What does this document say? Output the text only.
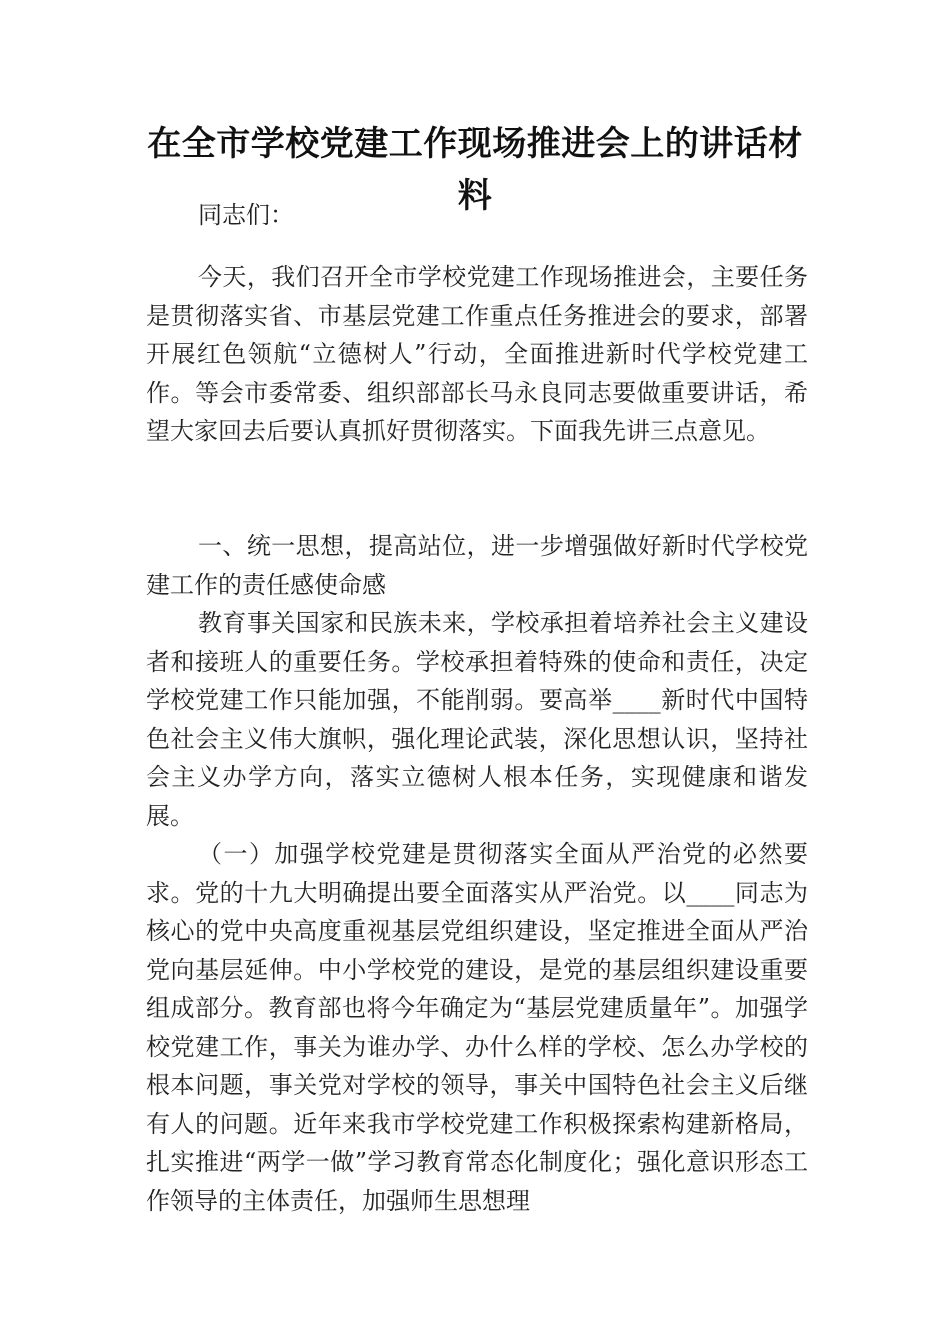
在全市学校党建工作现场推进会上的讲话材料

同志们：

今天，我们召开全市学校党建工作现场推进会，主要任务是贯彻落实省、市基层党建工作重点任务推进会的要求，部署开展红色领航“立德树人”行动，全面推进新时代学校党建工作。等会市委常委、组织部部长马永良同志要做重要讲话，希望大家回去后要认真抓好贯彻落实。下面我先讲三点意见。

一、统一思想，提高站位，进一步增强做好新时代学校党建工作的责任感使命感

教育事关国家和民族未来，学校承担着培养社会主义建设者和接班人的重要任务。学校承担着特殊的使命和责任，决定学校党建工作只能加强，不能削弱。要高举____新时代中国特色社会主义伟大旗帜，强化理论武装，深化思想认识，坚持社会主义办学方向，落实立德树人根本任务，实现健康和谐发展。

（一）加强学校党建是贯彻落实全面从严治党的必然要求。党的十九大明确提出要全面落实从严治党。以____同志为核心的党中央高度重视基层党组织建设，坚定推进全面从严治党向基层延伸。中小学校党的建设，是党的基层组织建设重要组成部分。教育部也将今年确定为“基层党建质量年”。加强学校党建工作，事关为谁办学、办什么样的学校、怎么办学校的根本问题，事关党对学校的领导，事关中国特色社会主义后继有人的问题。近年来我市学校党建工作积极探索构建新格局，扎实推进“两学一做”学习教育常态化制度化；强化意识形态工作领导的主体责任，加强师生思想理
